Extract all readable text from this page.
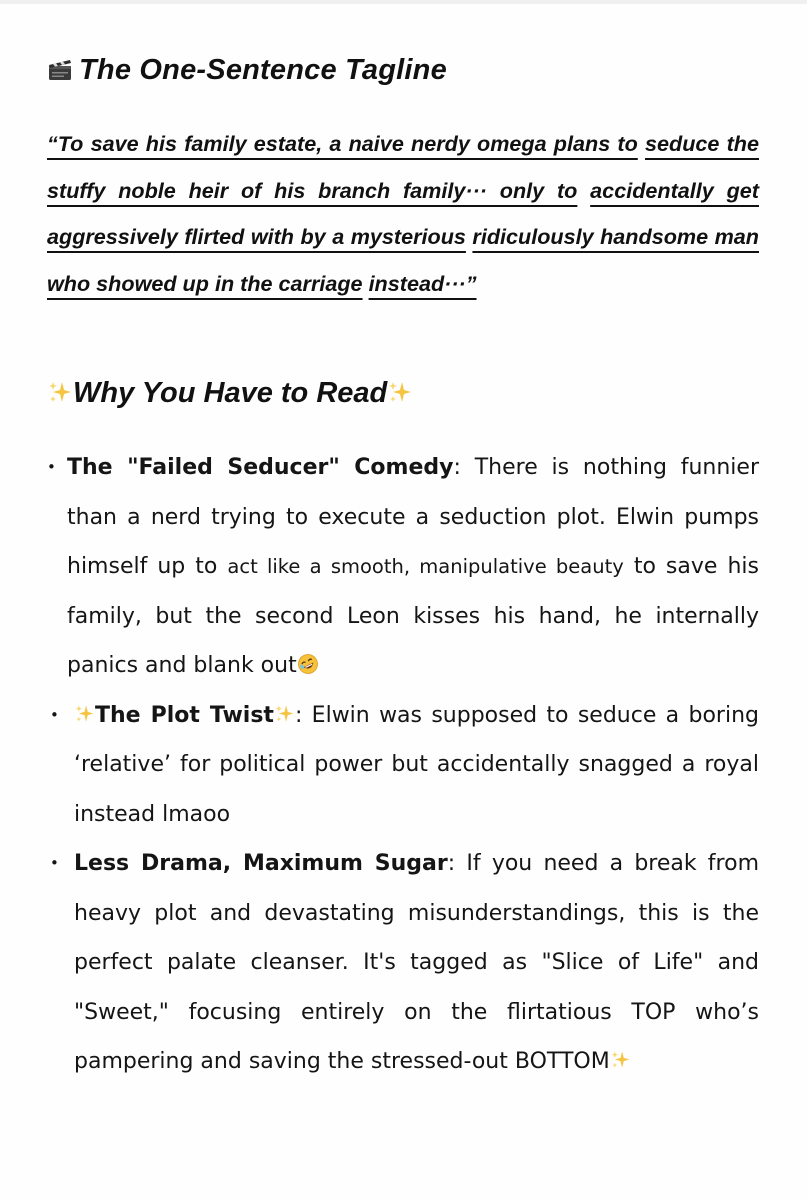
The One-Sentence Tagline

“To save his family estate, a naive nerdy omega plans to seduce the stuffy noble heir of his branch family··· only to accidentally get aggressively flirted with by a mysterious ridiculously handsome man who showed up in the carriage instead···”

Why You Have to Read
• The "Failed Seducer" Comedy: There is nothing funnier than a nerd trying to execute a seduction plot. Elwin pumps himself up to act like a smooth, manipulative beauty to save his family, but the second Leon kisses his hand, he internally panics and blank out

•	The Plot Twist : Elwin was supposed to seduce a boring ‘relative’ for political power but accidentally snagged a royal instead lmaoo

• Less Drama, Maximum Sugar: If you need a break from heavy plot and devastating misunderstandings, this is the perfect palate cleanser. It's tagged as "Slice of Life" and "Sweet," focusing entirely on the flirtatious TOP who’s pampering and saving the stressed-out BOTTOM
